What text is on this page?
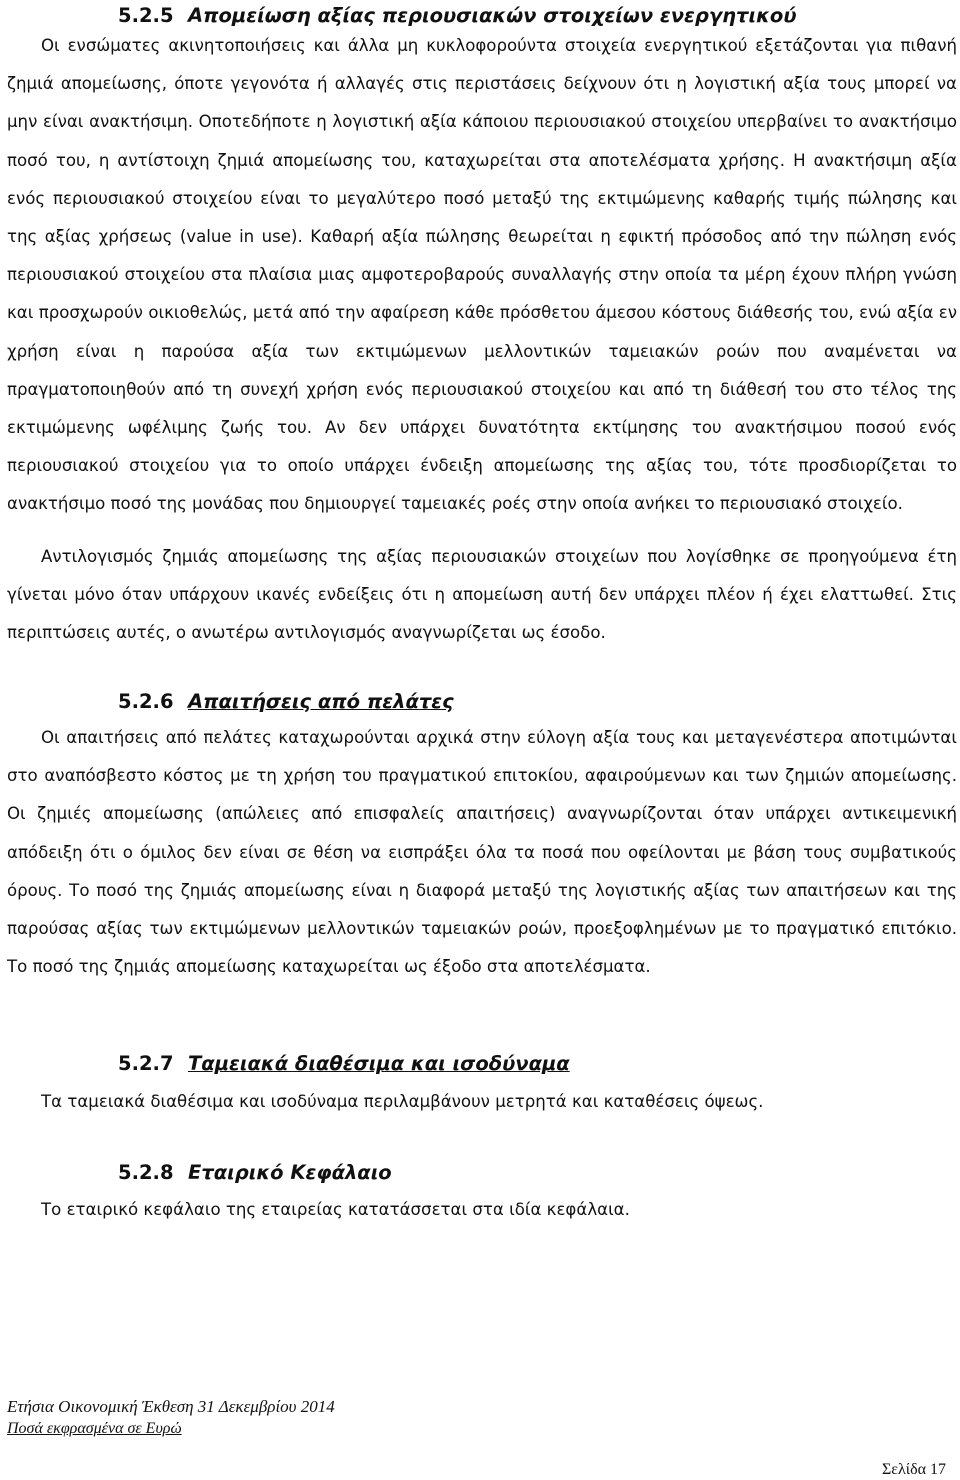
5.2.5 Απομείωση αξίας περιουσιακών στοιχείων ενεργητικού

Οι ενσώματες ακινητοποιήσεις και άλλα μη κυκλοφορούντα στοιχεία ενεργητικού εξετάζονται για πιθανή ζημιά απομείωσης, όποτε γεγονότα ή αλλαγές στις περιστάσεις δείχνουν ότι η λογιστική αξία τους μπορεί να μην είναι ανακτήσιμη. Οποτεδήποτε η λογιστική αξία κάποιου περιουσιακού στοιχείου υπερβαίνει το ανακτήσιμο ποσό του, η αντίστοιχη ζημιά απομείωσης του, καταχωρείται στα αποτελέσματα χρήσης. Η ανακτήσιμη αξία ενός περιουσιακού στοιχείου είναι το μεγαλύτερο ποσό μεταξύ της εκτιμώμενης καθαρής τιμής πώλησης και της αξίας χρήσεως (value in use). Καθαρή αξία πώλησης θεωρείται η εφικτή πρόσοδος από την πώληση ενός περιουσιακού στοιχείου στα πλαίσια μιας αμφοτεροβαρούς συναλλαγής στην οποία τα μέρη έχουν πλήρη γνώση και προσχωρούν οικιοθελώς, μετά από την αφαίρεση κάθε πρόσθετου άμεσου κόστους διάθεσής του, ενώ αξία εν χρήση είναι η παρούσα αξία των εκτιμώμενων μελλοντικών ταμειακών ροών που αναμένεται να πραγματοποιηθούν από τη συνεχή χρήση ενός περιουσιακού στοιχείου και από τη διάθεσή του στο τέλος της εκτιμώμενης ωφέλιμης ζωής του. Αν δεν υπάρχει δυνατότητα εκτίμησης του ανακτήσιμου ποσού ενός περιουσιακού στοιχείου για το οποίο υπάρχει ένδειξη απομείωσης της αξίας του, τότε προσδιορίζεται το ανακτήσιμο ποσό της μονάδας που δημιουργεί ταμειακές ροές στην οποία ανήκει το περιουσιακό στοιχείο.

Αντιλογισμός ζημιάς απομείωσης της αξίας περιουσιακών στοιχείων που λογίσθηκε σε προηγούμενα έτη γίνεται μόνο όταν υπάρχουν ικανές ενδείξεις ότι η απομείωση αυτή δεν υπάρχει πλέον ή έχει ελαττωθεί. Στις περιπτώσεις αυτές, ο ανωτέρω αντιλογισμός αναγνωρίζεται ως έσοδο.

5.2.6 Απαιτήσεις από πελάτες

Οι απαιτήσεις από πελάτες καταχωρούνται αρχικά στην εύλογη αξία τους και μεταγενέστερα αποτιμώνται στο αναπόσβεστο κόστος με τη χρήση του πραγματικού επιτοκίου, αφαιρούμενων και των ζημιών απομείωσης. Οι ζημιές απομείωσης (απώλειες από επισφαλείς απαιτήσεις) αναγνωρίζονται όταν υπάρχει αντικειμενική απόδειξη ότι ο όμιλος δεν είναι σε θέση να εισπράξει όλα τα ποσά που οφείλονται με βάση τους συμβατικούς όρους. Το ποσό της ζημιάς απομείωσης είναι η διαφορά μεταξύ της λογιστικής αξίας των απαιτήσεων και της παρούσας αξίας των εκτιμώμενων μελλοντικών ταμειακών ροών, προεξοφλημένων με το πραγματικό επιτόκιο. Το ποσό της ζημιάς απομείωσης καταχωρείται ως έξοδο στα αποτελέσματα.

5.2.7 Ταμειακά διαθέσιμα και ισοδύναμα

Τα ταμειακά διαθέσιμα και ισοδύναμα περιλαμβάνουν μετρητά και καταθέσεις όψεως.

5.2.8 Εταιρικό Κεφάλαιο

Το εταιρικό κεφάλαιο της εταιρείας κατατάσσεται στα ιδία κεφάλαια.

Ετήσια Οικονομική Έκθεση 31 Δεκεμβρίου 2014
Ποσά εκφρασμένα σε Ευρώ
Σελίδα 17
